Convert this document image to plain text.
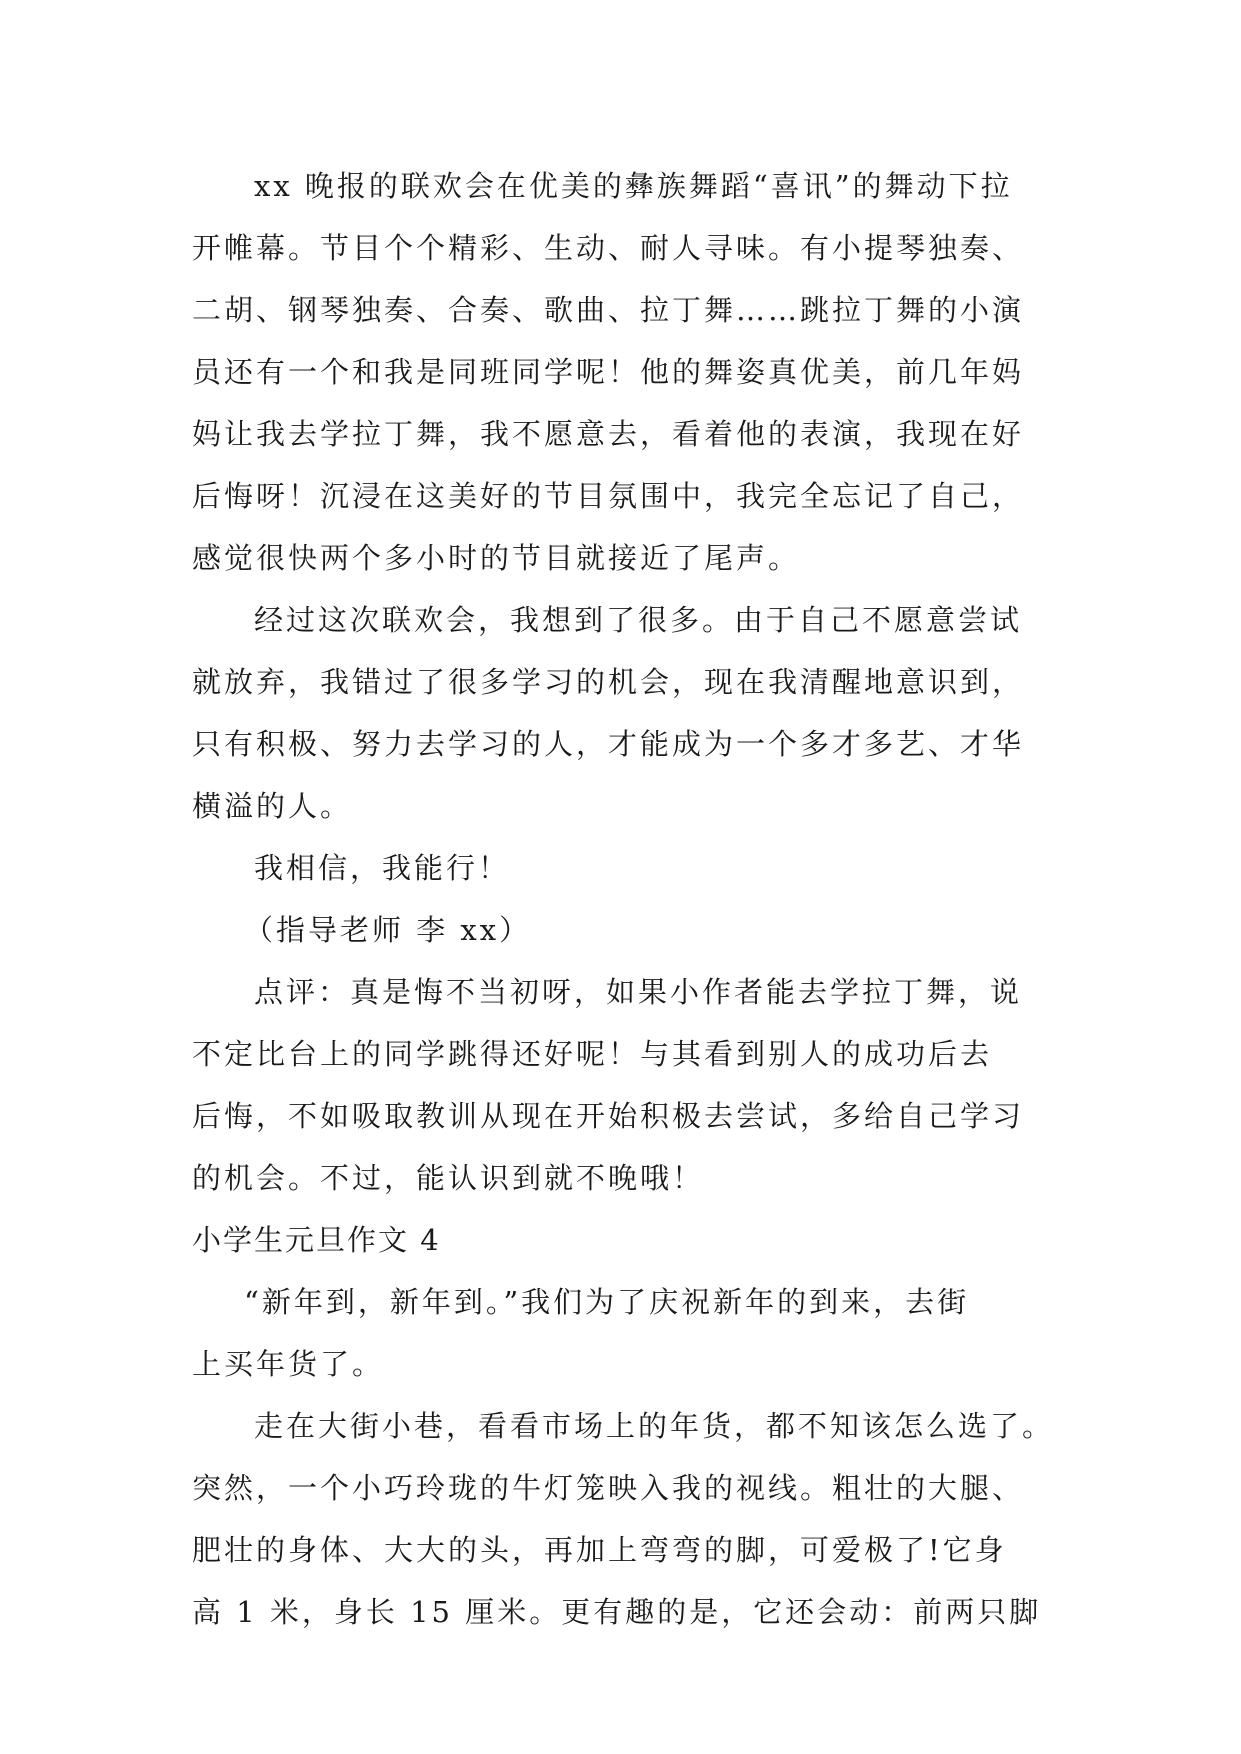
xx 晚报的联欢会在优美的彝族舞蹈“喜讯”的舞动下拉
开帷幕。节目个个精彩、生动、耐人寻味。有小提琴独奏、
二胡、钢琴独奏、合奏、歌曲、拉丁舞……跳拉丁舞的小演
员还有一个和我是同班同学呢！他的舞姿真优美，前几年妈
妈让我去学拉丁舞，我不愿意去，看着他的表演，我现在好
后悔呀！沉浸在这美好的节目氛围中，我完全忘记了自己，
感觉很快两个多小时的节目就接近了尾声。
经过这次联欢会，我想到了很多。由于自己不愿意尝试
就放弃，我错过了很多学习的机会，现在我清醒地意识到，
只有积极、努力去学习的人，才能成为一个多才多艺、才华
横溢的人。
我相信，我能行！
（指导老师 李 xx）
点评：真是悔不当初呀，如果小作者能去学拉丁舞，说
不定比台上的同学跳得还好呢！与其看到别人的成功后去
后悔，不如吸取教训从现在开始积极去尝试，多给自己学习
的机会。不过，能认识到就不晚哦！
小学生元旦作文 4
“新年到，新年到。”我们为了庆祝新年的到来，去街
上买年货了。
走在大街小巷，看看市场上的年货，都不知该怎么选了。
突然，一个小巧玲珑的牛灯笼映入我的视线。粗壮的大腿、
肥壮的身体、大大的头，再加上弯弯的脚，可爱极了!它身
高 1 米，身长 15 厘米。更有趣的是，它还会动：前两只脚
